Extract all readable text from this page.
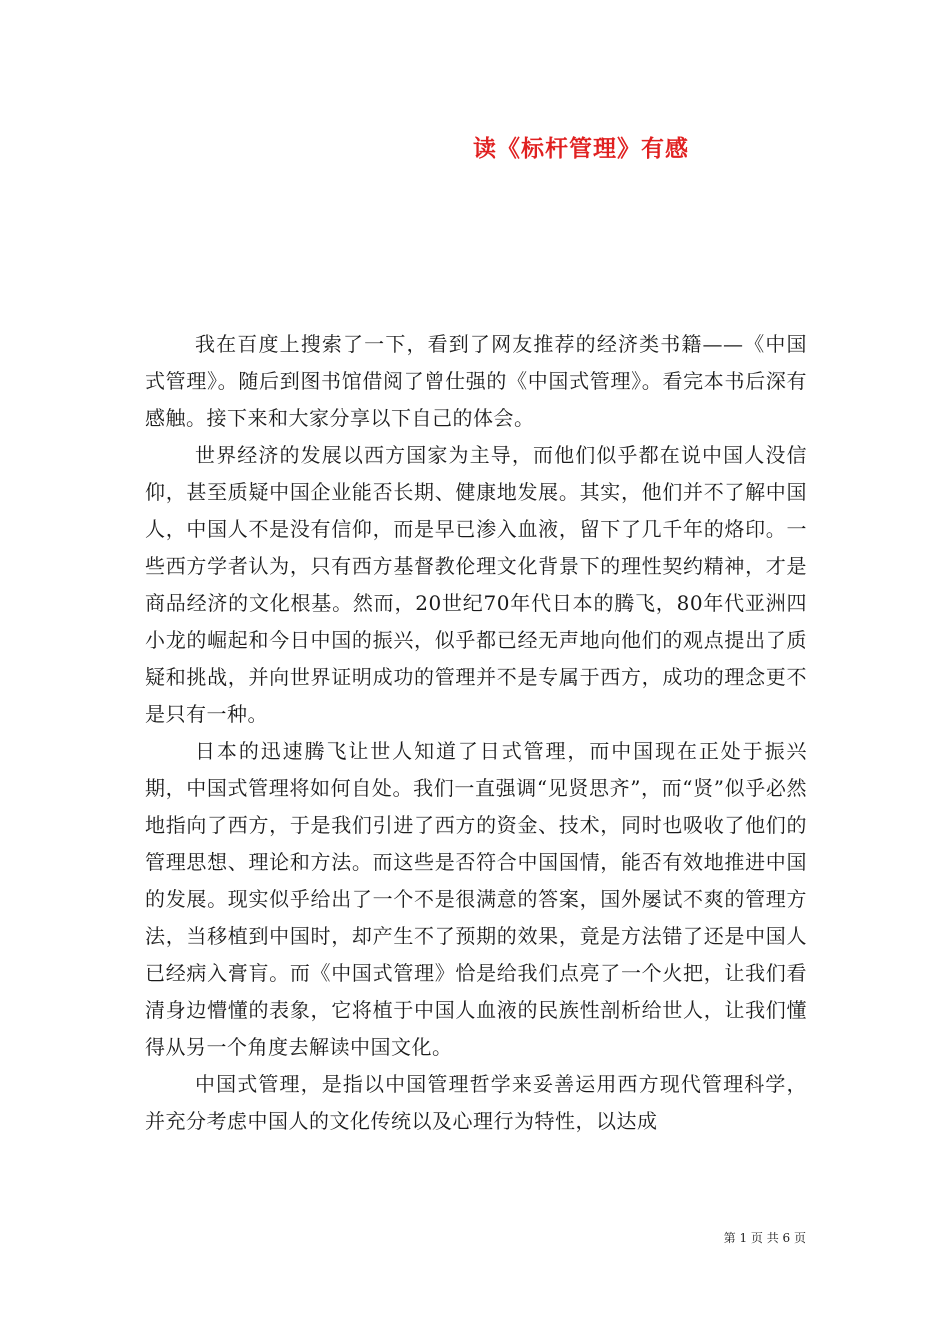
读《标杆管理》有感

我在百度上搜索了一下，看到了网友推荐的经济类书籍——《中国式管理》。随后到图书馆借阅了曾仕强的《中国式管理》。看完本书后深有感触。接下来和大家分享以下自己的体会。

世界经济的发展以西方国家为主导，而他们似乎都在说中国人没信仰，甚至质疑中国企业能否长期、健康地发展。其实，他们并不了解中国人，中国人不是没有信仰，而是早已渗入血液，留下了几千年的烙印。一些西方学者认为，只有西方基督教伦理文化背景下的理性契约精神，才是商品经济的文化根基。然而，20世纪70年代日本的腾飞，80年代亚洲四小龙的崛起和今日中国的振兴，似乎都已经无声地向他们的观点提出了质疑和挑战，并向世界证明成功的管理并不是专属于西方，成功的理念更不是只有一种。

日本的迅速腾飞让世人知道了日式管理，而中国现在正处于振兴期，中国式管理将如何自处。我们一直强调“见贤思齐”，而“贤”似乎必然地指向了西方，于是我们引进了西方的资金、技术，同时也吸收了他们的管理思想、理论和方法。而这些是否符合中国国情，能否有效地推进中国的发展。现实似乎给出了一个不是很满意的答案，国外屡试不爽的管理方法，当移植到中国时，却产生不了预期的效果，竟是方法错了还是中国人已经病入膏肓。而《中国式管理》恰是给我们点亮了一个火把，让我们看清身边懵懂的表象，它将植于中国人血液的民族性剖析给世人，让我们懂得从另一个角度去解读中国文化。

中国式管理，是指以中国管理哲学来妥善运用西方现代管理科学，并充分考虑中国人的文化传统以及心理行为特性，以达成

第 1 页 共 6 页
